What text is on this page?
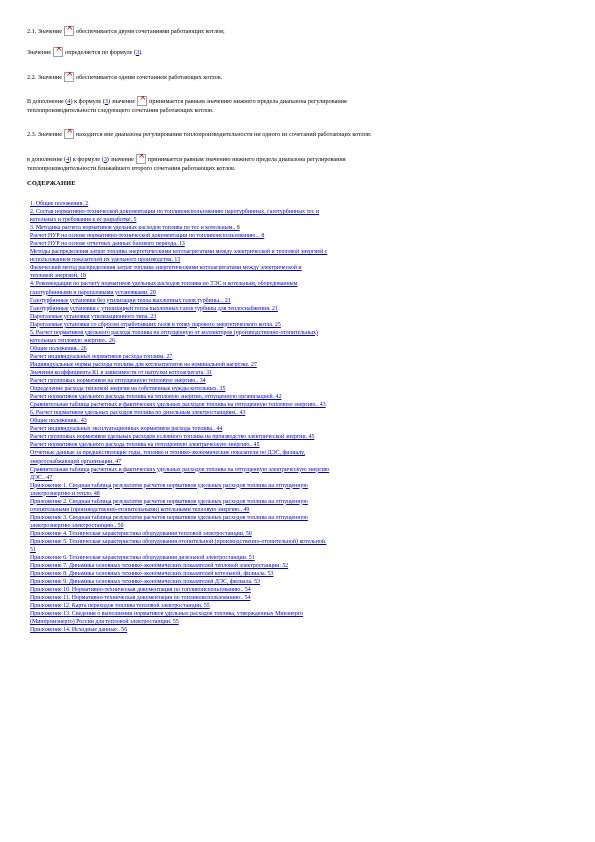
2.1. Значение × обеспечивается двумя сочетаниями работающих котлов;
Значение × определяется по формуле (3).
2.2. Значение × обеспечивается одним сочетанием работающих котлов.
В дополнение (4) к формуле (3) значение × принимается равным значению нижнего предела диапазона регулирования
теплопроизводительности следующего сочетания работающих котлов.
2.3. Значение × находится вне диапазона регулирования теплопроизводительности ни одного из сочетаний работающих котлов:
в дополнение (4) к формуле (3) значение × принимается равным значению нижнего предела диапазона регулирования
теплопроизводительности ближайшего второго сочетания работающих котлов.
СОДЕРЖАНИЕ
1. Общие положения. 2
2. Состав нормативно-технической документации по топливоиспользованию паротурбинных, газотурбинных тес и
котельных и требования к ее разработке. 5
3. Методика расчета нормативов удельных расходов топлива по тес и котельным.. 8
Расчет НУР на основе нормативно-технической документации по топливоиспользованию... 8
Расчет НУР на основе отчетных данных базового периода. 13
Методы распределения затрат топлива энергетическими котлоагрегатами между электрической и тепловой энергией с
использованием показателей их удельного производства. 13
Физический метод распределения затрат топлива энергетическими котлоагрегатами между электрической и
тепловой энергией. 18
4. Рекомендации по расчету нормативов удельных расходов топлива по ТЭС и котельным, оборудованным
газотурбинными и парогазовыми установками. 20
Газотурбинные установки без утилизации тепла выхлопных газов турбины... 21
Газотурбинные установки с утилизацией тепла выхлопных газов турбины для теплоснабжения. 21
Парогазовые установки утилизационного типа. 23
Парогазовые установки со сбросом отработавших газов в топку парового энергетического котла. 25
5. Расчет нормативов удельного расхода топлива на отпущенную от коллекторов (производственно-отопительных)
котельных тепловую энергию.. 26
Общие положения.. 26
Расчет индивидуальных нормативов расхода топлива. 27
Индивидуальные нормы расхода топлива для котлоагрегатов на номинальной нагрузке. 27
Значения коэффициента К1 в зависимости от нагрузки котлоагрегата. 31
Расчет групповых нормативов на отпущенную тепловую энергию.. 34
Определение расхода тепловой энергии на собственные нужды котельных. 35
Расчет нормативов удельного расхода топлива на тепловую энергию, отпущенную организацией. 42
Сравнительная таблица расчетных и фактических удельных расходов топлива на отпущенную тепловую энергию.. 43
6. Расчет нормативов удельных расходов топлива по дизельным электростанциям.. 43
Общие положения.. 43
Расчет индивидуальных эксплуатационных нормативов расхода топлива.. 44
Расчет групповых нормативов удельных расходов условного топлива на производство электрической энергии. 45
Расчет нормативов удельного расхода топлива на отпущенную электрическую энергию.. 45
Отчетные данные за предшествующие годы, топливо и технико-экономические показатели по ДЭС, филиалу,
энергоснабжающей организации. 47
Сравнительная таблица расчетных и фактических удельных расходов топлива на отпущенную электрическую энергию
ДЭС.. 47
Приложение 1. Сводная таблица результатов расчетов нормативов удельных расходов топлива на отпущенную
электроэнергию и тепло. 48
Приложение 2. Сводная таблица результатов расчетов нормативов удельных расходов топлива на отпущенную
отопительными (производственно-отопительными) котельными тепловую энергию.. 49
Приложение 3. Сводная таблица результатов расчетов нормативов удельных расходов топлива на отпущенную
электроэнергию электростанцию.. 50
Приложение 4. Техническая характеристика оборудования тепловой электростанции. 50
Приложение 5. Техническая характеристика оборудования отопительной (производственно-отопительной) котельной.
51
Приложение 6. Техническая характеристика оборудования дизельной электростанции. 51
Приложение 7. Динамика основных технико-экономических показателей тепловой электростанции. 52
Приложение 8. Динамика основных технико-экономических показателей котельной, филиала. 53
Приложение 9. Динамика основных технико-экономических показателей ДЭС, филиала. 53
Приложение 10. Нормативно-техническая документация по топливоиспользованию.. 54
Приложение 11. Нормативно-техническая документация по топливоиспользованию.. 54
Приложение 12. Карта переходов топлива тепловой электростанции. 55
Приложение 13. Сведения о выполнении нормативов удельных расходов топлива, утвержденных Минэнерго
(Минпромэнерго) России для тепловой электростанции. 55
Приложение 14. Исходные данные.. 56
